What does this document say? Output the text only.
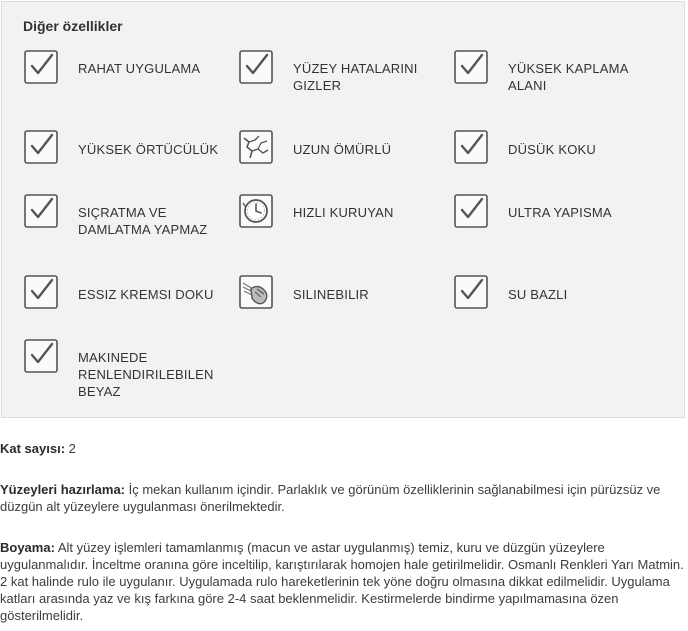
Diğer özellikler
RAHAT UYGULAMA	YÜZEY HATALARINI GIZLER
YÜKSEK KAPLAMA ALANI
YÜKSEK ÖRTÜCÜLÜK	UZUN ÖMÜRLÜ	DÜSÜK KOKU
SIÇRATMA VE DAMLATMA YAPMAZ
HIZLI KURUYAN	ULTRA YAPISMA
ESSIZ KREMSI DOKU	SILINEBILIR	SU BAZLI
MAKINEDE RENLENDIRILEBILEN BEYAZ

Kat sayısı: 2

Yüzeyleri hazırlama: İç mekan kullanım içindir. Parlaklık ve görünüm özelliklerinin sağlanabilmesi için pürüzsüz ve düzgün alt yüzeylere uygulanması önerilmektedir.

Boyama: Alt yüzey işlemleri tamamlanmış (macun ve astar uygulanmış) temiz, kuru ve düzgün yüzeylere uygulanmalıdır. İnceltme oranına göre inceltilip, karıştırılarak homojen hale getirilmelidir. Osmanlı Renkleri Yarı Matmin. 2 kat halinde rulo ile uygulanır. Uygulamada rulo hareketlerinin tek yöne doğru olmasına dikkat edilmelidir. Uygulama katları arasında yaz ve kış farkına göre 2-4 saat beklenmelidir. Kestirmelerde bindirme yapılmamasına özen gösterilmelidir.
